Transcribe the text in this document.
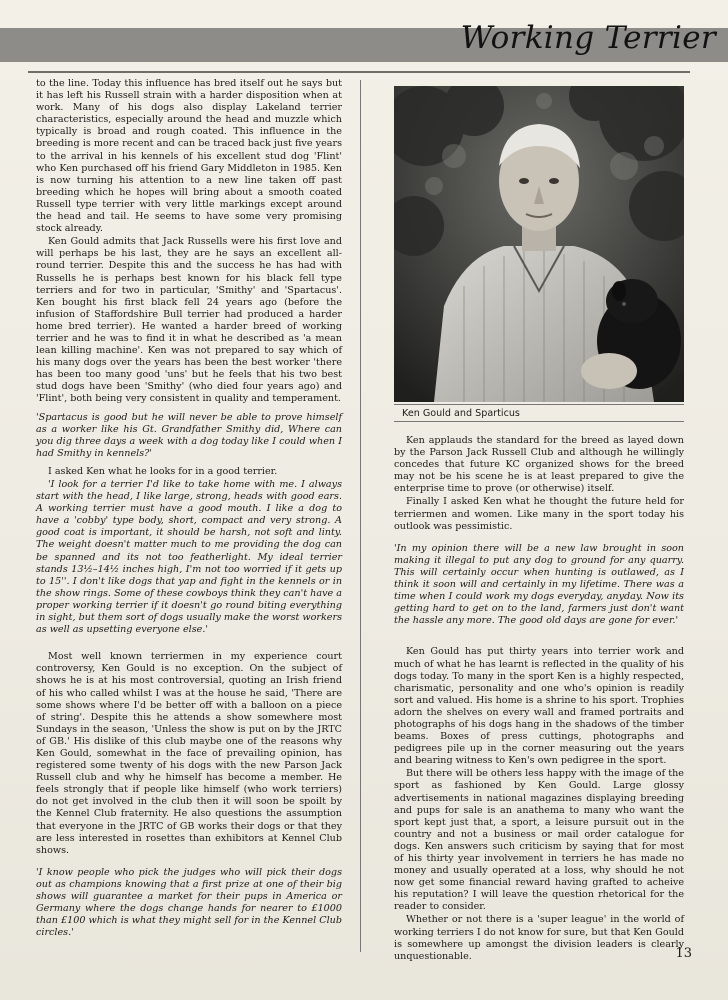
Working Terrier

to the line. Today this influence has bred itself out he says but it has left his Russell strain with a harder disposition when at work. Many of his dogs also display Lakeland terrier characteristics, especially around the head and muzzle which typically is broad and rough coated. This influence in the breeding is more recent and can be traced back just five years to the arrival in his kennels of his excellent stud dog 'Flint' who Ken purchased off his friend Gary Middleton in 1985. Ken is now turning his attention to a new line taken off past breeding which he hopes will bring about a smooth coated Russell type terrier with very little markings except around the head and tail. He seems to have some very promising stock already.

Ken Gould admits that Jack Russells were his first love and will perhaps be his last, they are he says an excellent all-round terrier. Despite this and the success he has had with Russells he is perhaps best known for his black fell type terriers and for two in particular, 'Smithy' and 'Spartacus'. Ken bought his first black fell 24 years ago (before the infusion of Staffordshire Bull terrier had produced a harder home bred terrier). He wanted a harder breed of working terrier and he was to find it in what he described as 'a mean lean killing machine'. Ken was not prepared to say which of his many dogs over the years has been the best worker 'there has been too many good 'uns' but he feels that his two best stud dogs have been 'Smithy' (who died four years ago) and 'Flint', both being very consistent in quality and temperament.

'Spartacus is good but he will never be able to prove himself as a worker like his Gt. Grandfather Smithy did, Where can you dig three days a week with a dog today like I could when I had Smithy in kennels?'

I asked Ken what he looks for in a good terrier.

'I look for a terrier I'd like to take home with me. I always start with the head, I like large, strong, heads with good ears. A working terrier must have a good mouth. I like a dog to have a 'cobby' type body, short, compact and very strong. A good coat is important, it should be harsh, not soft and linty. The weight doesn't matter much to me providing the dog can be spanned and its not too featherlight. My ideal terrier stands 13½–14½ inches high, I'm not too worried if it gets up to 15''. I don't like dogs that yap and fight in the kennels or in the show rings. Some of these cowboys think they can't have a proper working terrier if it doesn't go round biting everything in sight, but them sort of dogs usually make the worst workers as well as upsetting everyone else.'

Most well known terriermen in my experience court controversy, Ken Gould is no exception. On the subject of shows he is at his most controversial, quoting an Irish friend of his who called whilst I was at the house he said, 'There are some shows where I'd be better off with a balloon on a piece of string'. Despite this he attends a show somewhere most Sundays in the season, 'Unless the show is put on by the JRTC of GB.' His dislike of this club maybe one of the reasons why Ken Gould, somewhat in the face of prevailing opinion, has registered some twenty of his dogs with the new Parson Jack Russell club and why he himself has become a member. He feels strongly that if people like himself (who work terriers) do not get involved in the club then it will soon be spoilt by the Kennel Club fraternity. He also questions the assumption that everyone in the JRTC of GB works their dogs or that they are less interested in rosettes than exhibitors at Kennel Club shows.

'I know people who pick the judges who will pick their dogs out as champions knowing that a first prize at one of their big shows will guarantee a market for their pups in America or Germany where the dogs change hands for nearer to £1000 than £100 which is what they might sell for in the Kennel Club circles.'

Ken Gould and Sparticus

Ken applauds the standard for the breed as layed down by the Parson Jack Russell Club and although he willingly concedes that future KC organized shows for the breed may not be his scene he is at least prepared to give the enterprise time to prove (or otherwise) itself.

Finally I asked Ken what he thought the future held for terriermen and women. Like many in the sport today his outlook was pessimistic.

'In my opinion there will be a new law brought in soon making it illegal to put any dog to ground for any quarry. This will certainly occur when hunting is outlawed, as I think it soon will and certainly in my lifetime. There was a time when I could work my dogs everyday, anyday. Now its getting hard to get on to the land, farmers just don't want the hassle any more. The good old days are gone for ever.'

Ken Gould has put thirty years into terrier work and much of what he has learnt is reflected in the quality of his dogs today. To many in the sport Ken is a highly respected, charismatic, personality and one who's opinion is readily sort and valued. His home is a shrine to his sport. Trophies adorn the shelves on every wall and framed portraits and photographs of his dogs hang in the shadows of the timber beams. Boxes of press cuttings, photographs and pedigrees pile up in the corner measuring out the years and bearing witness to Ken's own pedigree in the sport.

But there will be others less happy with the image of the sport as fashioned by Ken Gould. Large glossy advertisements in national magazines displaying breeding and pups for sale is an anathema to many who want the sport kept just that, a sport, a leisure pursuit out in the country and not a business or mail order catalogue for dogs. Ken answers such criticism by saying that for most of his thirty year involvement in terriers he has made no money and usually operated at a loss, why should he not now get some financial reward having grafted to acheive his reputation? I will leave the question rhetorical for the reader to consider.

Whether or not there is a 'super league' in the world of working terriers I do not know for sure, but that Ken Gould is somewhere up amongst the division leaders is clearly unquestionable.	13
